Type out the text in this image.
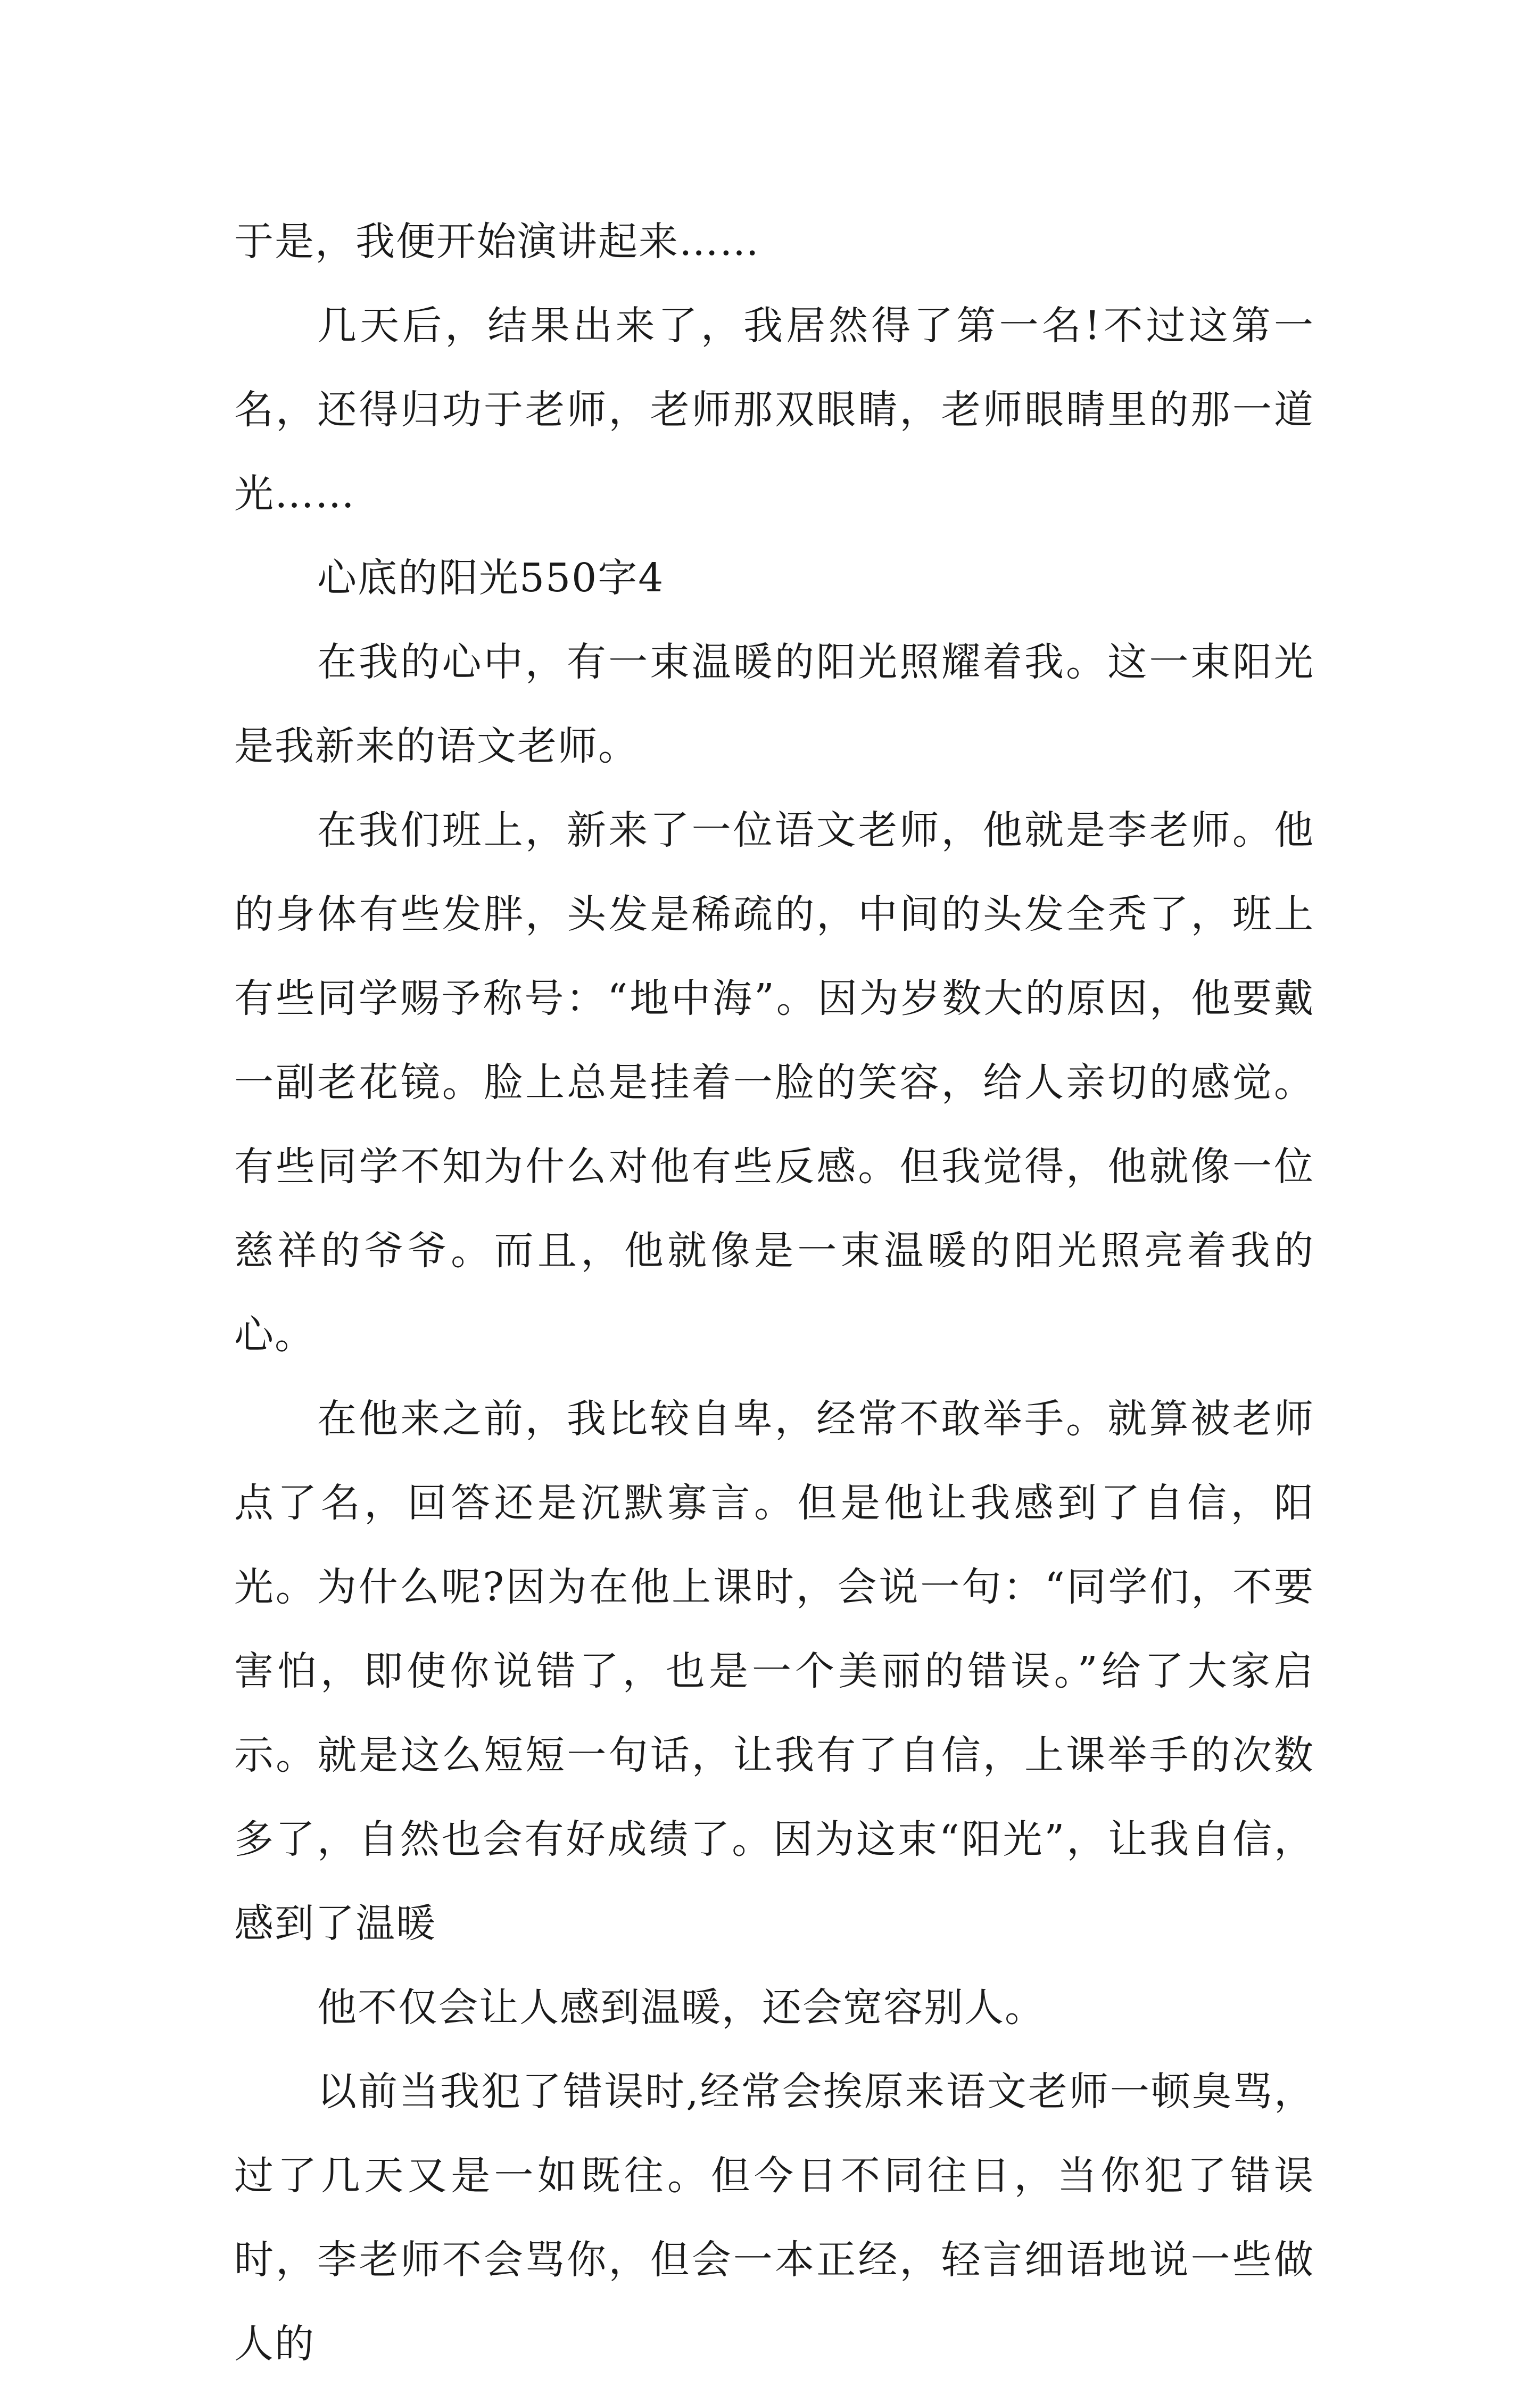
于是，我便开始演讲起来……

几天后，结果出来了，我居然得了第一名!不过这第一名，还得归功于老师，老师那双眼睛，老师眼睛里的那一道光……

心底的阳光550字4

在我的心中，有一束温暖的阳光照耀着我。这一束阳光是我新来的语文老师。

在我们班上，新来了一位语文老师，他就是李老师。他的身体有些发胖，头发是稀疏的，中间的头发全秃了，班上有些同学赐予称号：“地中海”。因为岁数大的原因，他要戴一副老花镜。脸上总是挂着一脸的笑容，给人亲切的感觉。有些同学不知为什么对他有些反感。但我觉得，他就像一位慈祥的爷爷。而且，他就像是一束温暖的阳光照亮着我的心。

在他来之前，我比较自卑，经常不敢举手。就算被老师点了名，回答还是沉默寡言。但是他让我感到了自信，阳光。为什么呢?因为在他上课时，会说一句：“同学们，不要害怕，即使你说错了，也是一个美丽的错误。”给了大家启示。就是这么短短一句话，让我有了自信，上课举手的次数多了，自然也会有好成绩了。因为这束“阳光”，让我自信，感到了温暖

他不仅会让人感到温暖，还会宽容别人。

以前当我犯了错误时,经常会挨原来语文老师一顿臭骂，过了几天又是一如既往。但今日不同往日，当你犯了错误时，李老师不会骂你，但会一本正经，轻言细语地说一些做人的
